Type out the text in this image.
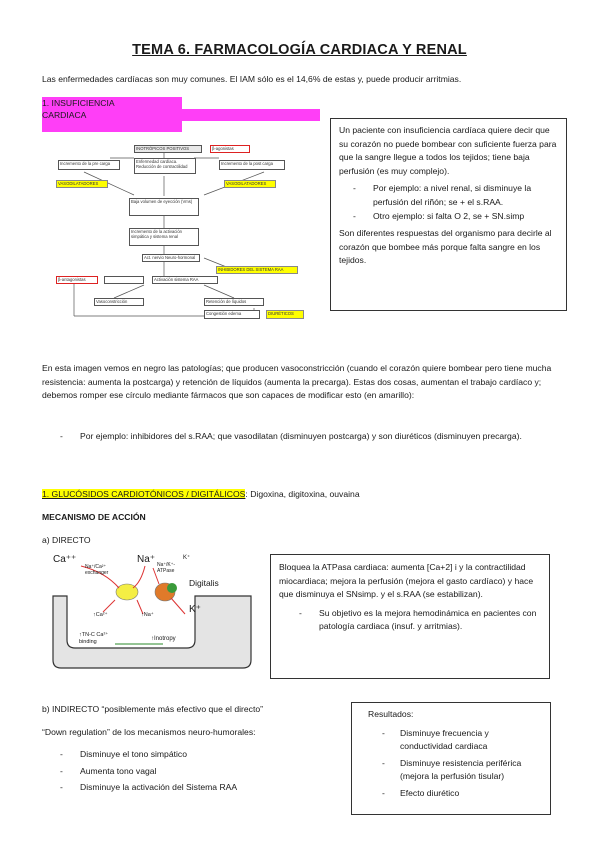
TEMA 6. FARMACOLOGÍA CARDIACA Y RENAL
Las enfermedades cardíacas son muy comunes. El IAM sólo es el 14,6% de estas y, puede producir arritmias.
1. INSUFICIENCIA
CARDIACA
INOTRÓPICOS POSITIVOS	β-agonistas
Incremento de la pre carga	Enfermedad cardíaca. Reducción de contractilidad
Incremento de la post carga
VASODILATADORES	VASODILATADORES
Baja volumen de eyección (Vms)
Incremento de la activación simpática y sistema renal
Act. nervio Neuro-hormonal
INHIBIDORES DEL SISTEMA RAA
β-antagonistas	Activación sistema RAA
Vasoconstricción	Retención de líquidos
Congestión edema	DIURÉTICOS
Un paciente con insuficiencia cardíaca quiere decir que su corazón no puede bombear con suficiente fuerza para que la sangre llegue a todos los tejidos; tiene baja perfusión (es muy complejo).
- Por ejemplo: a nivel renal, si disminuye la perfusión del riñón; se + el s.RAA.
- Otro ejemplo: si falta O 2, se + SN.simp
Son diferentes respuestas del organismo para decirle al corazón que bombee más porque falta sangre en los tejidos.
En esta imagen vemos en negro las patologías; que producen vasoconstricción (cuando el corazón quiere bombear pero tiene mucha resistencia: aumenta la postcarga) y retención de líquidos (aumenta la precarga). Estas dos cosas, aumentan el trabajo cardíaco y; debemos romper ese círculo mediante fármacos que son capaces de modificar esto (en amarillo):
- Por ejemplo: inhibidores del s.RAA; que vasodilatan (disminuyen postcarga) y son diuréticos (disminuyen precarga).
1. GLUCÓSIDOS CARDIOTÓNICOS / DIGITÁLICOS: Digoxina, digitoxina, ouvaina
MECANISMO DE ACCIÓN
a) DIRECTO
Ca⁺⁺	Na⁺	K⁺
Na⁺/Ca²⁺ exchanger
Na⁺/K⁺- ATPase
Digitalis
K⁺
↑Ca²⁺	↑Na⁺
↑TN-C Ca²⁺ binding	↑Inotropy
Bloquea la ATPasa cardiaca: aumenta [Ca+2] i y la contractilidad miocardiaca; mejora la perfusión (mejora el gasto cardíaco) y hace que disminuya el SNsimp. y el s.RAA (se estabilizan).
- Su objetivo es la mejora hemodinámica en pacientes con patología cardiaca (insuf. y arritmias).
b) INDIRECTO “posiblemente más efectivo que el directo”
“Down regulation” de los mecanismos neuro-humorales:
- Disminuye el tono simpático
- Aumenta tono vagal
- Disminuye la activación del Sistema RAA
Resultados:
- Disminuye frecuencia y conductividad cardiaca
- Disminuye resistencia periférica (mejora la perfusión tisular)
- Efecto diurético
